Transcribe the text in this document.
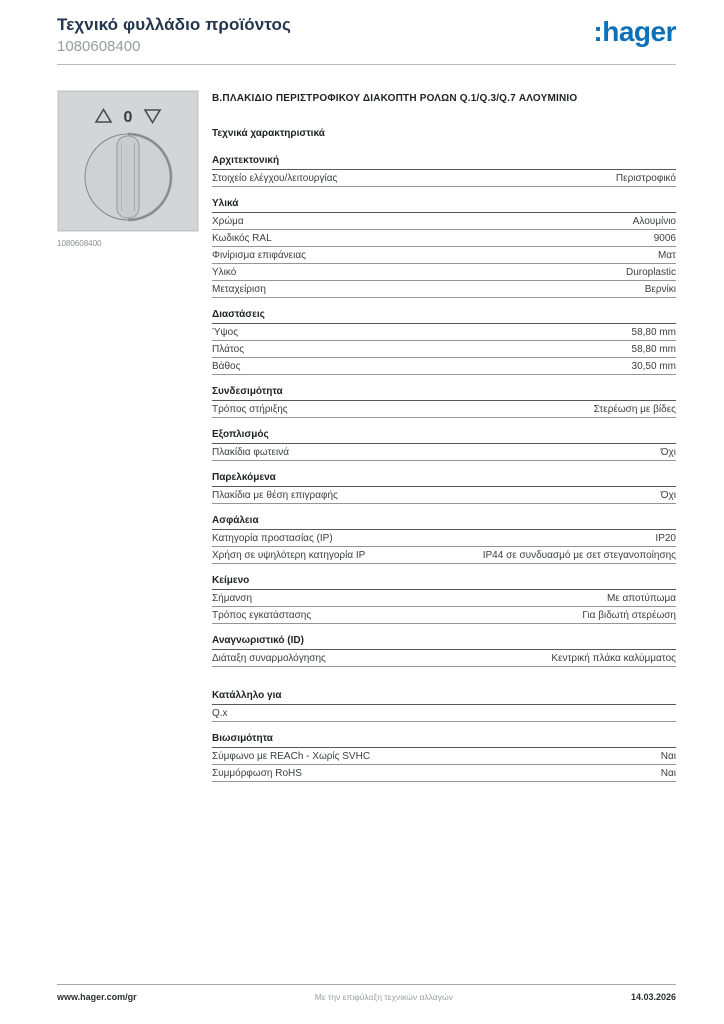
Τεχνικό φυλλάδιο προϊόντος
1080608400	:hager
0
1080608400
Β.ΠΛΑΚΙΔΙΟ ΠΕΡΙΣΤΡΟΦΙΚΟΥ ΔΙΑΚΟΠΤΗ ΡΟΛΩΝ Q.1/Q.3/Q.7 ΑΛΟΥΜΙΝΙΟ
Τεχνικά χαρακτηριστικά
Αρχιτεκτονική
Στοιχείο ελέγχου/λειτουργίας	Περιστροφικό
Υλικά
Χρώμα	Αλουμίνιο
Κωδικός RAL	9006
Φινίρισμα επιφάνειας	Ματ
Υλικό	Duroplastic
Μεταχείριση	Βερνίκι
Διαστάσεις
Ύψος	58,80 mm
Πλάτος	58,80 mm
Βάθος	30,50 mm
Συνδεσιμότητα
Τρόπος στήριξης	Στερέωση με βίδες
Εξοπλισμός
Πλακίδια φωτεινά	Όχι
Παρελκόμενα
Πλακίδια με θέση επιγραφής	Όχι
Ασφάλεια
Κατηγορία προστασίας (IP)	IP20
Χρήση σε υψηλότερη κατηγορία IP	IP44 σε συνδυασμό με σετ στεγανοποίησης
Κείμενο
Σήμανση	Με αποτύπωμα
Τρόπος εγκατάστασης	Για βιδωτή στερέωση
Αναγνωριστικό (ID)
Διάταξη συναρμολόγησης	Κεντρική πλάκα καλύμματος
Κατάλληλο για
Q.x
Βιωσιμότητα
Σύμφωνο με REACh - Χωρίς SVHC	Ναι
Συμμόρφωση RoHS	Ναι
www.hager.com/gr	Με την επιφύλαξη τεχνικών αλλαγών	14.03.2026
